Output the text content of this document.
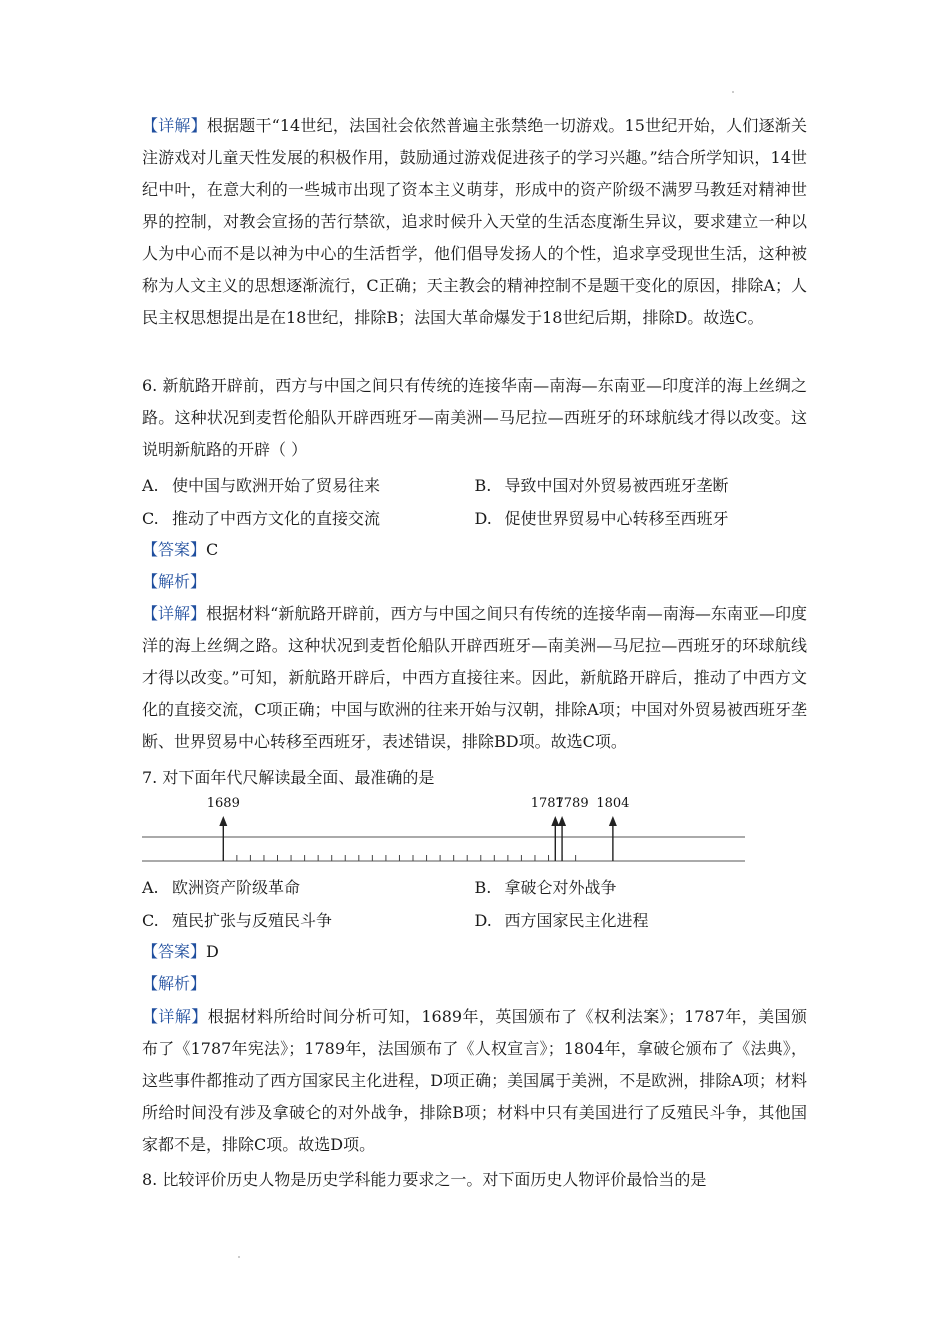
【详解】根据题干“14世纪，法国社会依然普遍主张禁绝一切游戏。15世纪开始，人们逐渐关注游戏对儿童天性发展的积极作用，鼓励通过游戏促进孩子的学习兴趣。”结合所学知识，14世纪中叶，在意大利的一些城市出现了资本主义萌芽，形成中的资产阶级不满罗马教廷对精神世界的控制，对教会宣扬的苦行禁欲，追求时候升入天堂的生活态度渐生异议，要求建立一种以人为中心而不是以神为中心的生活哲学，他们倡导发扬人的个性，追求享受现世生活，这种被称为人文主义的思想逐渐流行，C正确；天主教会的精神控制不是题干变化的原因，排除A；人民主权思想提出是在18世纪，排除B；法国大革命爆发于18世纪后期，排除D。故选C。

6. 新航路开辟前，西方与中国之间只有传统的连接华南—南海—东南亚—印度洋的海上丝绸之路。这种状况到麦哲伦船队开辟西班牙—南美洲—马尼拉—西班牙的环球航线才得以改变。这说明新航路的开辟（ ）

A. 使中国与欧洲开始了贸易往来	B. 导致中国对外贸易被西班牙垄断
C. 推动了中西方文化的直接交流	D. 促使世界贸易中心转移至西班牙

【答案】C

【解析】

【详解】根据材料“新航路开辟前，西方与中国之间只有传统的连接华南—南海—东南亚—印度洋的海上丝绸之路。这种状况到麦哲伦船队开辟西班牙—南美洲—马尼拉—西班牙的环球航线才得以改变。”可知，新航路开辟后，中西方直接往来。因此，新航路开辟后，推动了中西方文化的直接交流，C项正确；中国与欧洲的往来开始与汉朝，排除A项；中国对外贸易被西班牙垄断、世界贸易中心转移至西班牙，表述错误，排除BD项。故选C项。

7. 对下面年代尺解读最全面、最准确的是

1689	1787
1789 1804
A. 欧洲资产阶级革命	B. 拿破仑对外战争
C. 殖民扩张与反殖民斗争	D. 西方国家民主化进程

【答案】D

【解析】

【详解】根据材料所给时间分析可知，1689年，英国颁布了《权利法案》；1787年，美国颁布了《1787年宪法》；1789年，法国颁布了《人权宣言》；1804年，拿破仑颁布了《法典》，这些事件都推动了西方国家民主化进程，D项正确；美国属于美洲，不是欧洲，排除A项；材料所给时间没有涉及拿破仑的对外战争，排除B项；材料中只有美国进行了反殖民斗争，其他国家都不是，排除C项。故选D项。

8. 比较评价历史人物是历史学科能力要求之一。对下面历史人物评价最恰当的是
